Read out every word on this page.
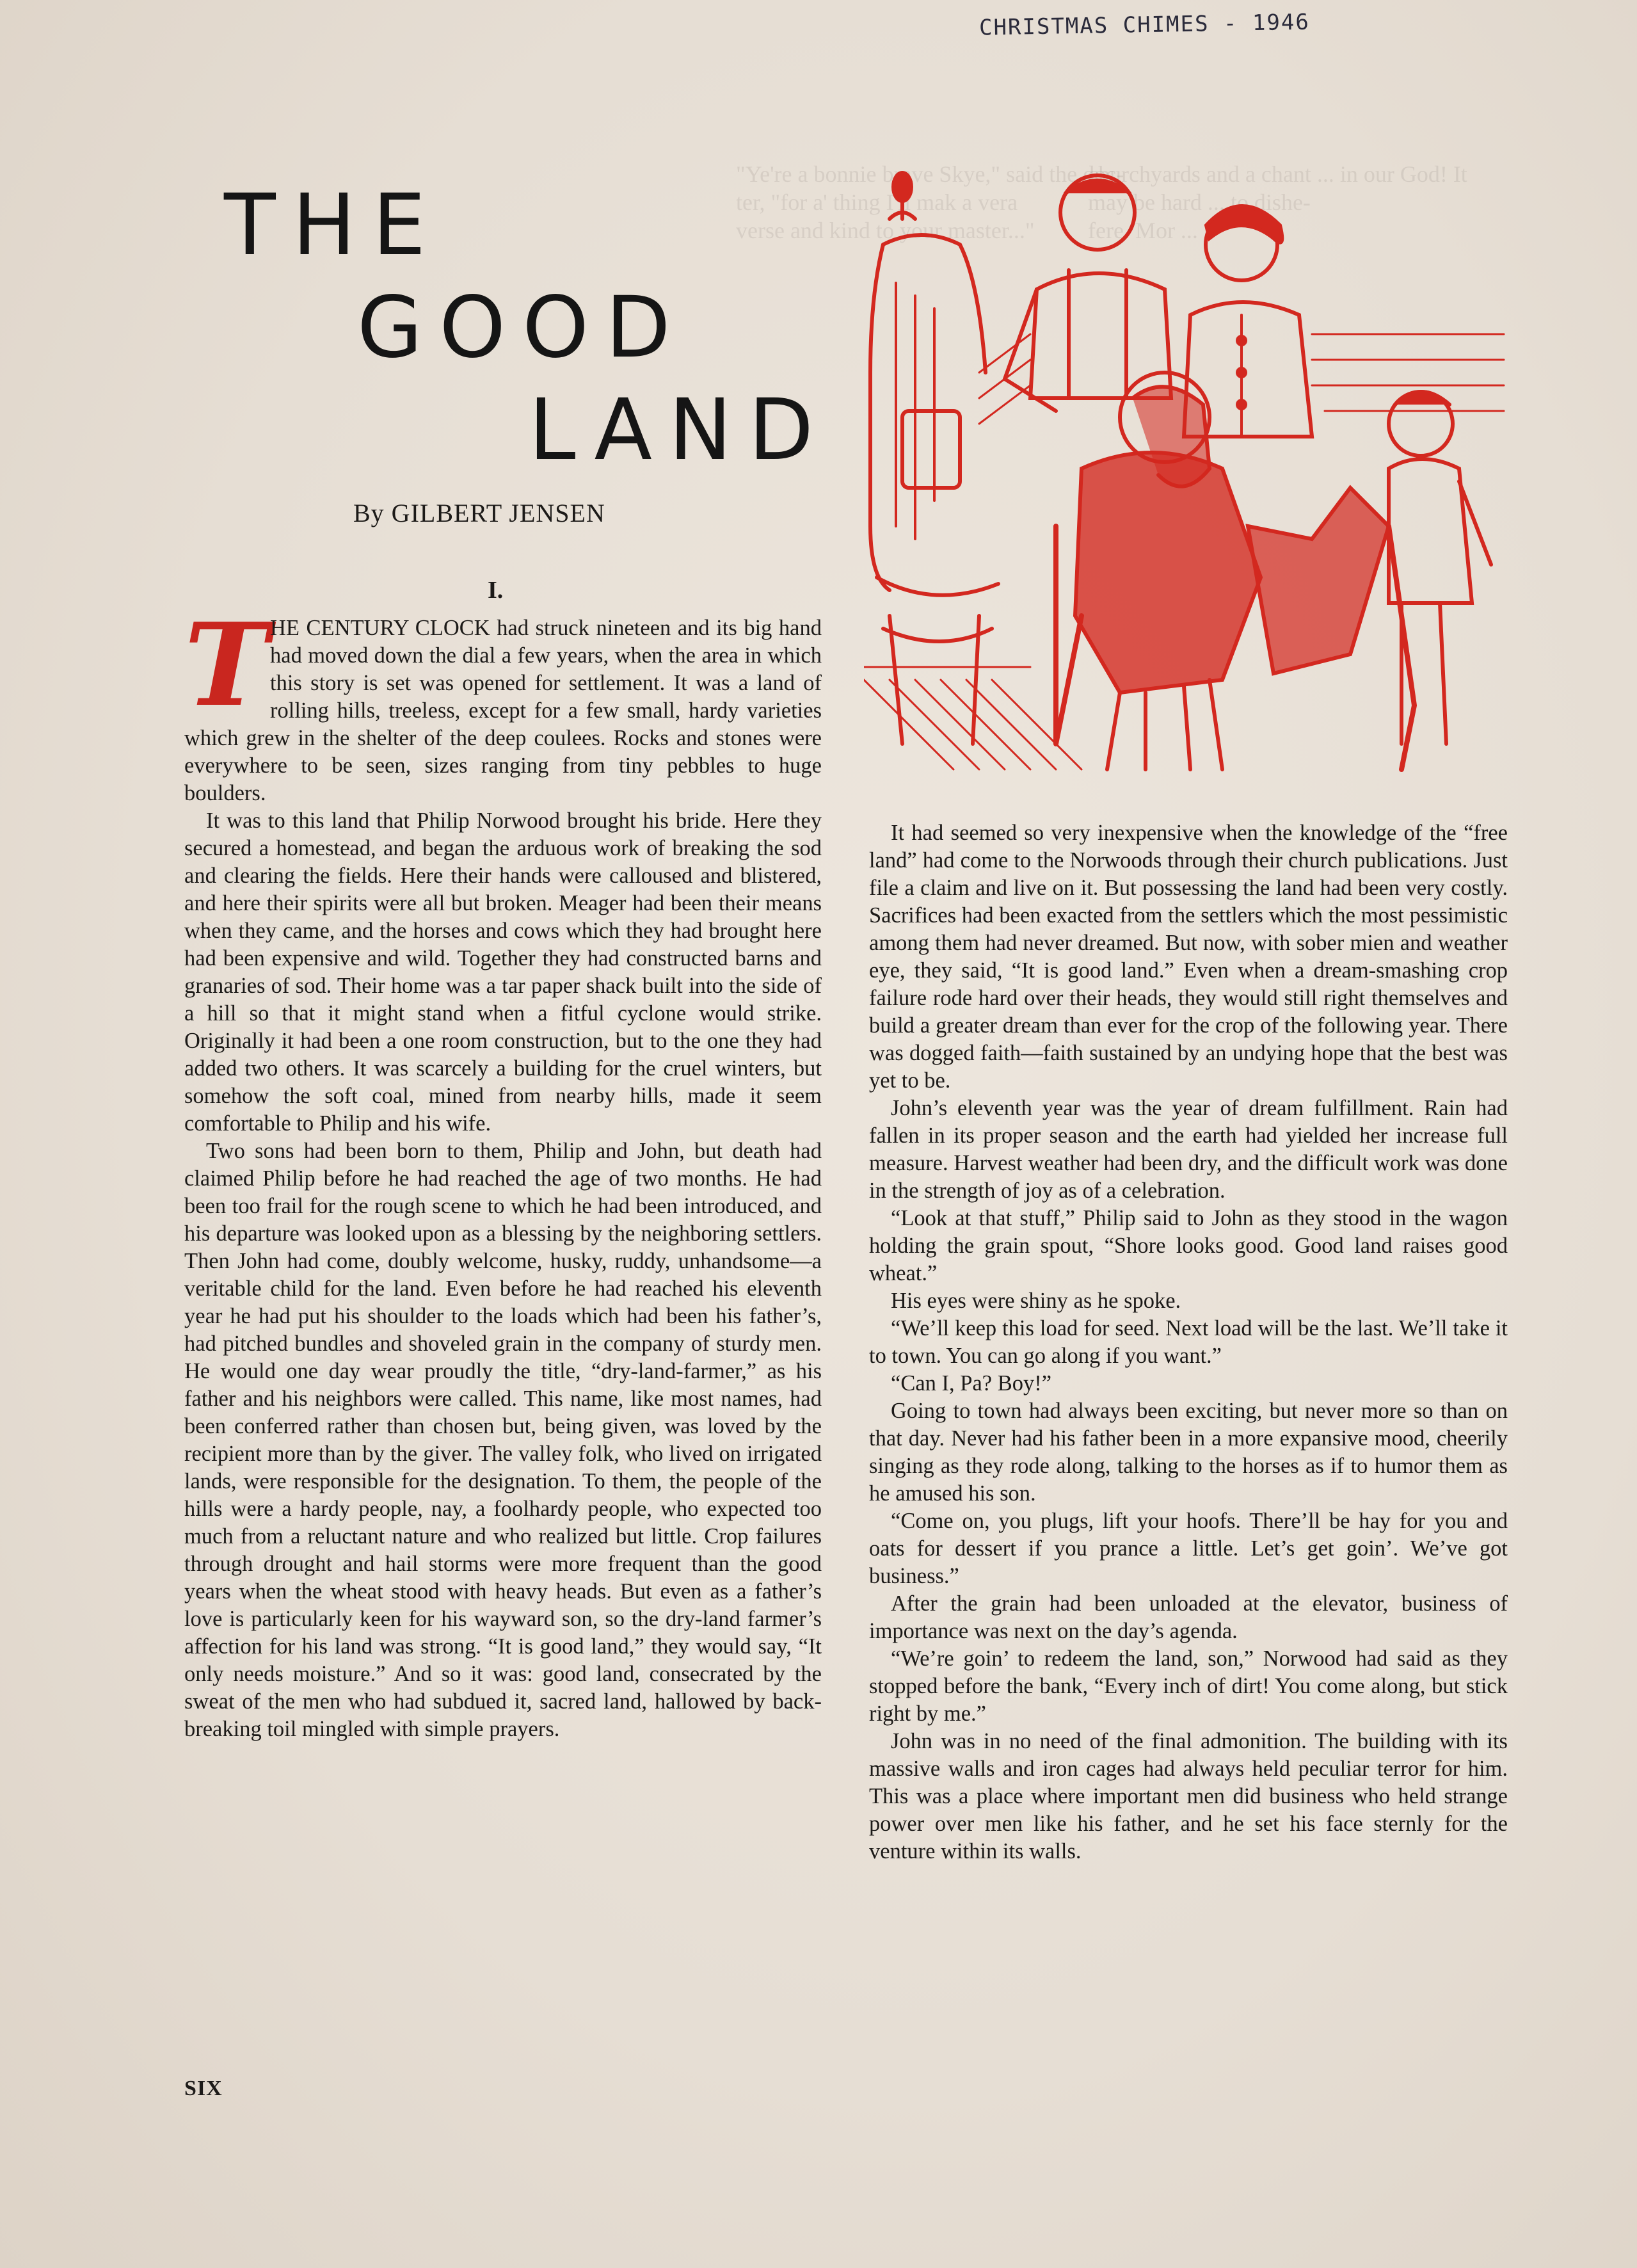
CHRISTMAS CHIMES - 1946
"Ye're a bonnie  Skye," said the doc-
ter, "for a' thing I'll mak a vera
verse and kind to your master..."
churchyards and a chant ... in our God! It
may be hard ... to dishe-
fere. Mor ...
THE
GOOD
LAND
By GILBERT JENSEN
I.

THE CENTURY CLOCK had struck nineteen and its big hand had moved down the dial a few years, when the area in which this story is set was opened for settlement. It was a land of rolling hills, treeless, except for a few small, hardy varieties which grew in the shelter of the deep coulees. Rocks and stones were everywhere to be seen, sizes ranging from tiny pebbles to huge boulders.

It was to this land that Philip Norwood brought his bride. Here they secured a homestead, and began the arduous work of breaking the sod and clearing the fields. Here their hands were calloused and blistered, and here their spirits were all but broken. Meager had been their means when they came, and the horses and cows which they had brought here had been expensive and wild. Together they had constructed barns and granaries of sod. Their home was a tar paper shack built into the side of a hill so that it might stand when a fitful cyclone would strike. Originally it had been a one room construction, but to the one they had added two others. It was scarcely a building for the cruel winters, but somehow the soft coal, mined from nearby hills, made it seem comfortable to Philip and his wife.

Two sons had been born to them, Philip and John, but death had claimed Philip before he had reached the age of two months. He had been too frail for the rough scene to which he had been introduced, and his departure was looked upon as a blessing by the neighboring settlers. Then John had come, doubly welcome, husky, ruddy, unhandsome—a veritable child for the land. Even before he had reached his eleventh year he had put his shoulder to the loads which had been his father’s, had pitched bundles and shoveled grain in the company of sturdy men. He would one day wear proudly the title, “dry-land-farmer,” as his father and his neighbors were called. This name, like most names, had been conferred rather than chosen but, being given, was loved by the recipient more than by the giver. The valley folk, who lived on irrigated lands, were responsible for the designation. To them, the people of the hills were a hardy people, nay, a foolhardy people, who expected too much from a reluctant nature and who realized but little. Crop failures through drought and hail storms were more frequent than the good years when the wheat stood with heavy heads. But even as a father’s love is particularly keen for his wayward son, so the dry-land farmer’s affection for his land was strong. “It is good land,” they would say, “It only needs moisture.” And so it was: good land, consecrated by the sweat of the men who had subdued it, sacred land, hallowed by back-breaking toil mingled with simple prayers.

It had seemed so very inexpensive when the knowledge of the “free land” had come to the Norwoods through their church publications. Just file a claim and live on it. But possessing the land had been very costly. Sacrifices had been exacted from the settlers which the most pessimistic among them had never dreamed. But now, with sober mien and weather eye, they said, “It is good land.” Even when a dream-smashing crop failure rode hard over their heads, they would still right themselves and build a greater dream than ever for the crop of the following year. There was dogged faith—faith sustained by an undying hope that the best was yet to be.

John’s eleventh year was the year of dream fulfillment. Rain had fallen in its proper season and the earth had yielded her increase full measure. Harvest weather had been dry, and the difficult work was done in the strength of joy as of a celebration.

“Look at that stuff,” Philip said to John as they stood in the wagon holding the grain spout, “Shore looks good. Good land raises good wheat.”

His eyes were shiny as he spoke.

“We’ll keep this load for seed. Next load will be the last. We’ll take it to town. You can go along if you want.”

“Can I, Pa? Boy!”

Going to town had always been exciting, but never more so than on that day. Never had his father been in a more expansive mood, cheerily singing as they rode along, talking to the horses as if to humor them as he amused his son.

“Come on, you plugs, lift your hoofs. There’ll be hay for you and oats for dessert if you prance a little. Let’s get goin’. We’ve got business.”

After the grain had been unloaded at the elevator, business of importance was next on the day’s agenda.

“We’re goin’ to redeem the land, son,” Norwood had said as they stopped before the bank, “Every inch of dirt! You come along, but stick right by me.”

John was in no need of the final admonition. The building with its massive walls and iron cages had always held peculiar terror for him. This was a place where important men did business who held strange power over men like his father, and he set his face sternly for the venture within its walls.

SIX
